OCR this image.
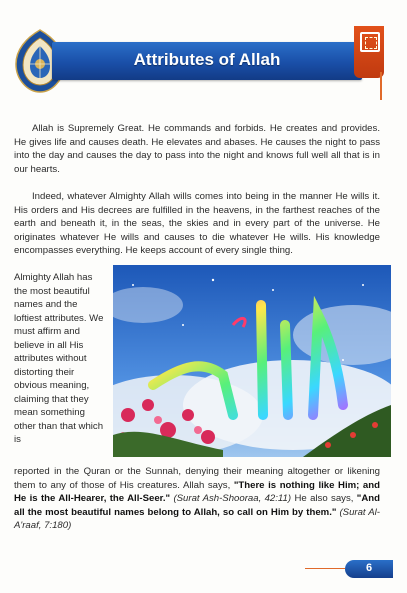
Attributes of Allah
Allah is Supremely Great. He commands and forbids. He creates and provides. He gives life and causes death. He elevates and abases. He causes the night to pass into the day and causes the day to pass into the night and knows full well all that is in our hearts.
Indeed, whatever Almighty Allah wills comes into being in the manner He wills it. His orders and His decrees are fulfilled in the heavens, in the farthest reaches of the earth and beneath it, in the seas, the skies and in every part of the universe. He originates whatever He wills and causes to die whatever He wills. His knowledge encompasses everything. He keeps account of every single thing.
Almighty Allah has the most beautiful names and the loftiest attributes. We must affirm and believe in all His attributes without distorting their obvious meaning, claiming that they mean something other than that which is
reported in the Quran or the Sunnah, denying their meaning altogether or likening them to any of those of His creatures. Allah says, "There is nothing like Him; and He is the All-Hearer, the All-Seer." (Surat Ash-Shooraa, 42:11) He also says, "And all the most beautiful names belong to Allah, so call on Him by them." (Surat Al-A'raaf, 7:180)
6
